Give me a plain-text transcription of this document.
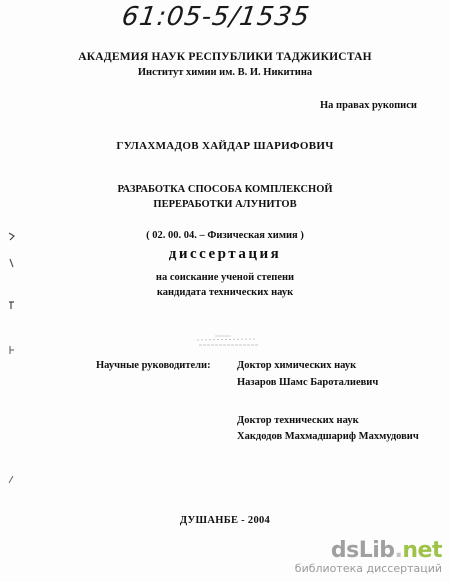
61:05-5/1535
АКАДЕМИЯ НАУК РЕСПУБЛИКИ ТАДЖИКИСТАН
Институт химии им. В. И. Никитина
На правах рукописи
ГУЛАХМАДОВ ХАЙДАР ШАРИФОВИЧ
РАЗРАБОТКА СПОСОБА КОМПЛЕКСНОЙ
ПЕРЕРАБОТКИ АЛУНИТОВ
( 02. 00. 04. – Физическая химия )
диссертация
на соискание ученой степени
кандидата технических наук
Научные руководители:	Доктор химических наук
Назаров Шамс Бароталиевич
Доктор технических наук
Хакдодов Махмадшариф Махмудович
ДУШАНБЕ - 2004
dsLib.net
библиотека диссертаций
